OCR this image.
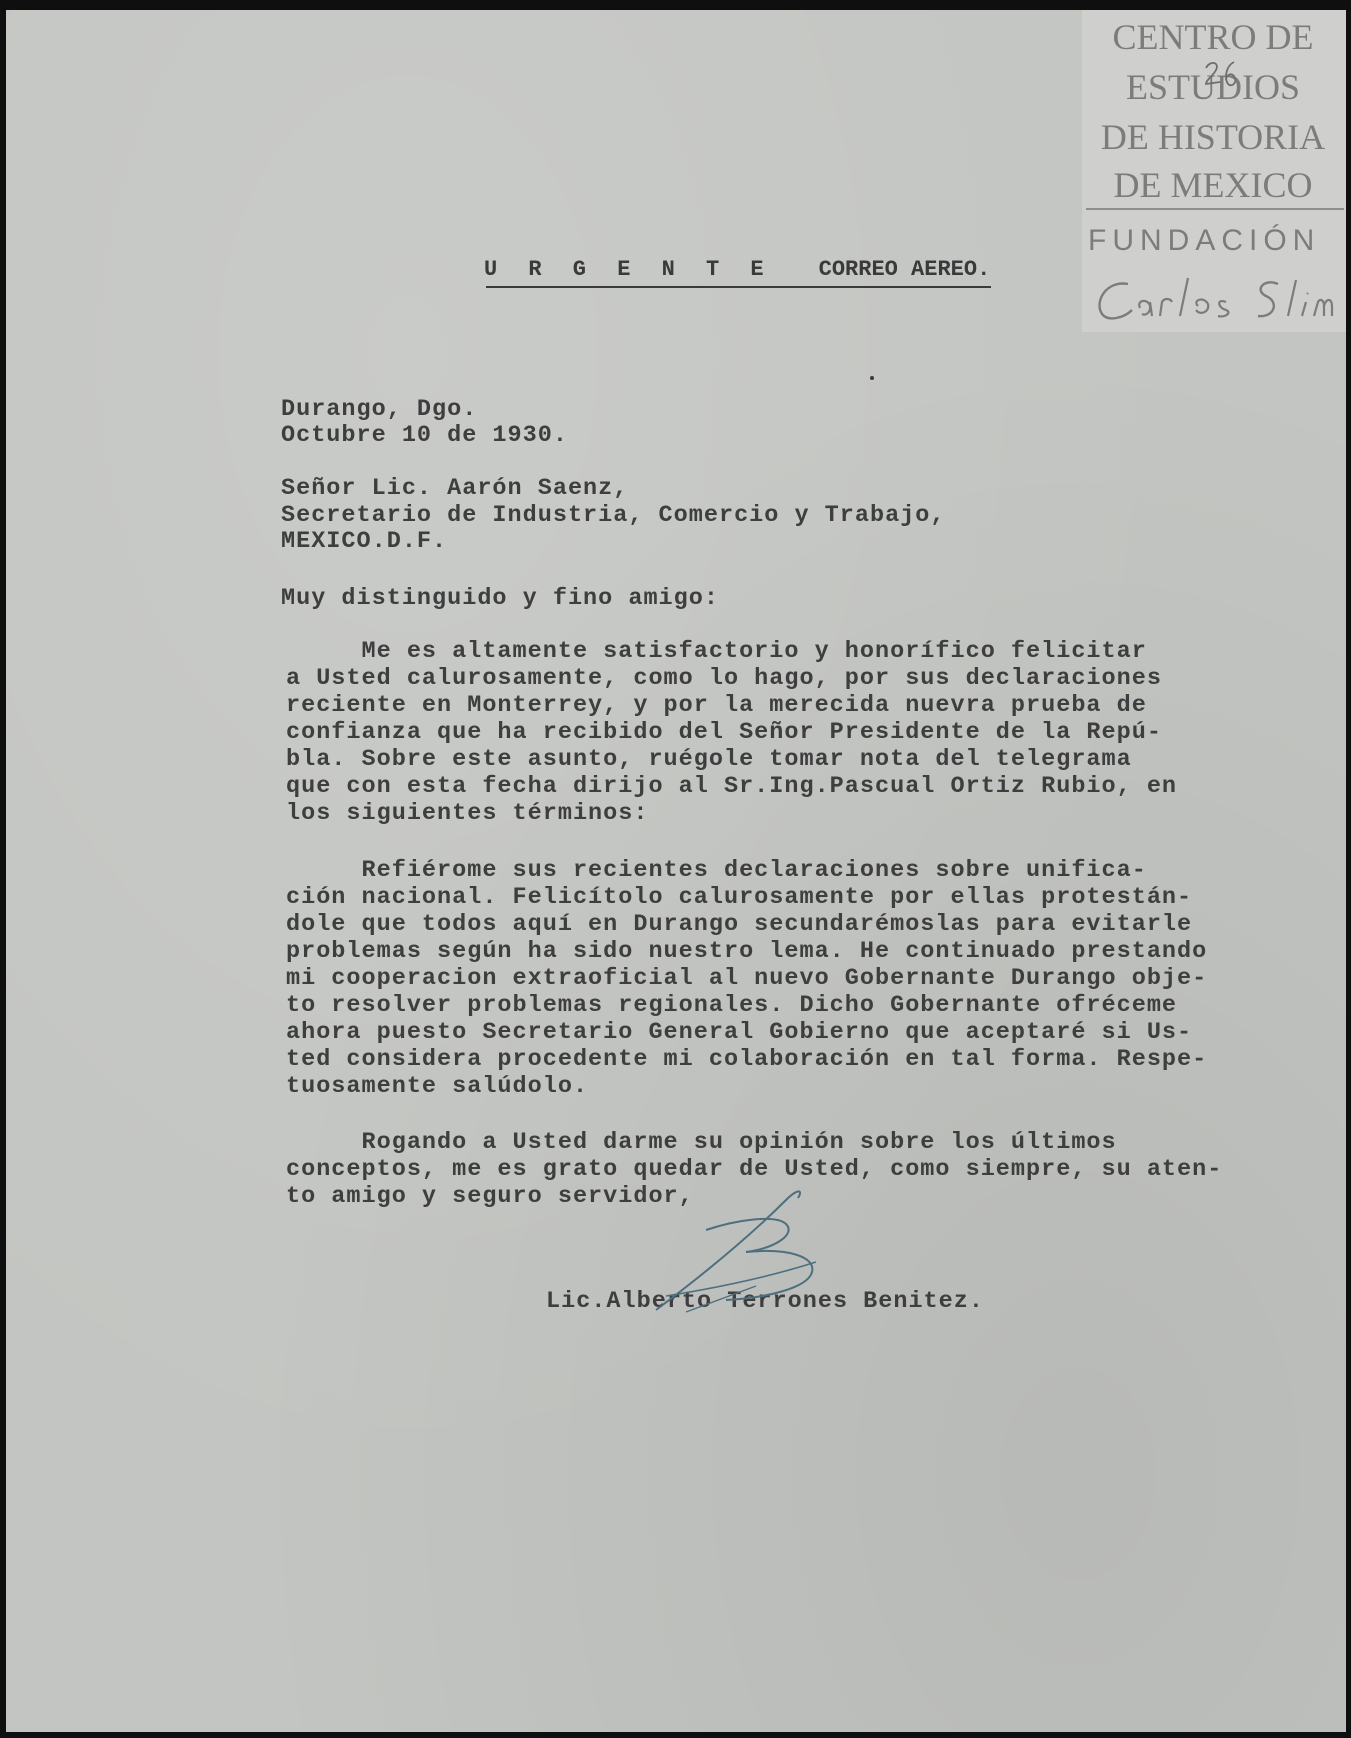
CENTRO DE
ESTUDIOS
DE HISTORIA
DE MEXICO
FUNDACIÓN
U R G E N T E CORREO AEREO.
Durango, Dgo.
Octubre 10 de 1930.
Señor Lic. Aarón Saenz,
Secretario de Industria, Comercio y Trabajo,
MEXICO.D.F.
Muy distinguido y fino amigo:
Me es altamente satisfactorio y honorífico felicitar
a Usted calurosamente, como lo hago, por sus declaraciones
reciente en Monterrey, y por la merecida nuevra prueba de
confianza que ha recibido del Señor Presidente de la Repú-
bla. Sobre este asunto, ruégole tomar nota del telegrama
que con esta fecha dirijo al Sr.Ing.Pascual Ortiz Rubio, en
los siguientes términos:
Refiérome sus recientes declaraciones sobre unifica-
ción nacional. Felicítolo calurosamente por ellas protestán-
dole que todos aquí en Durango secundarémoslas para evitarle
problemas según ha sido nuestro lema. He continuado prestando
mi cooperacion extraoficial al nuevo Gobernante Durango obje-
to resolver problemas regionales. Dicho Gobernante ofréceme
ahora puesto Secretario General Gobierno que aceptaré si Us-
ted considera procedente mi colaboración en tal forma. Respe-
tuosamente salúdolo.
Rogando a Usted darme su opinión sobre los últimos
conceptos, me es grato quedar de Usted, como siempre, su aten-
to amigo y seguro servidor,
Lic.Alberto Terrones Benitez.
